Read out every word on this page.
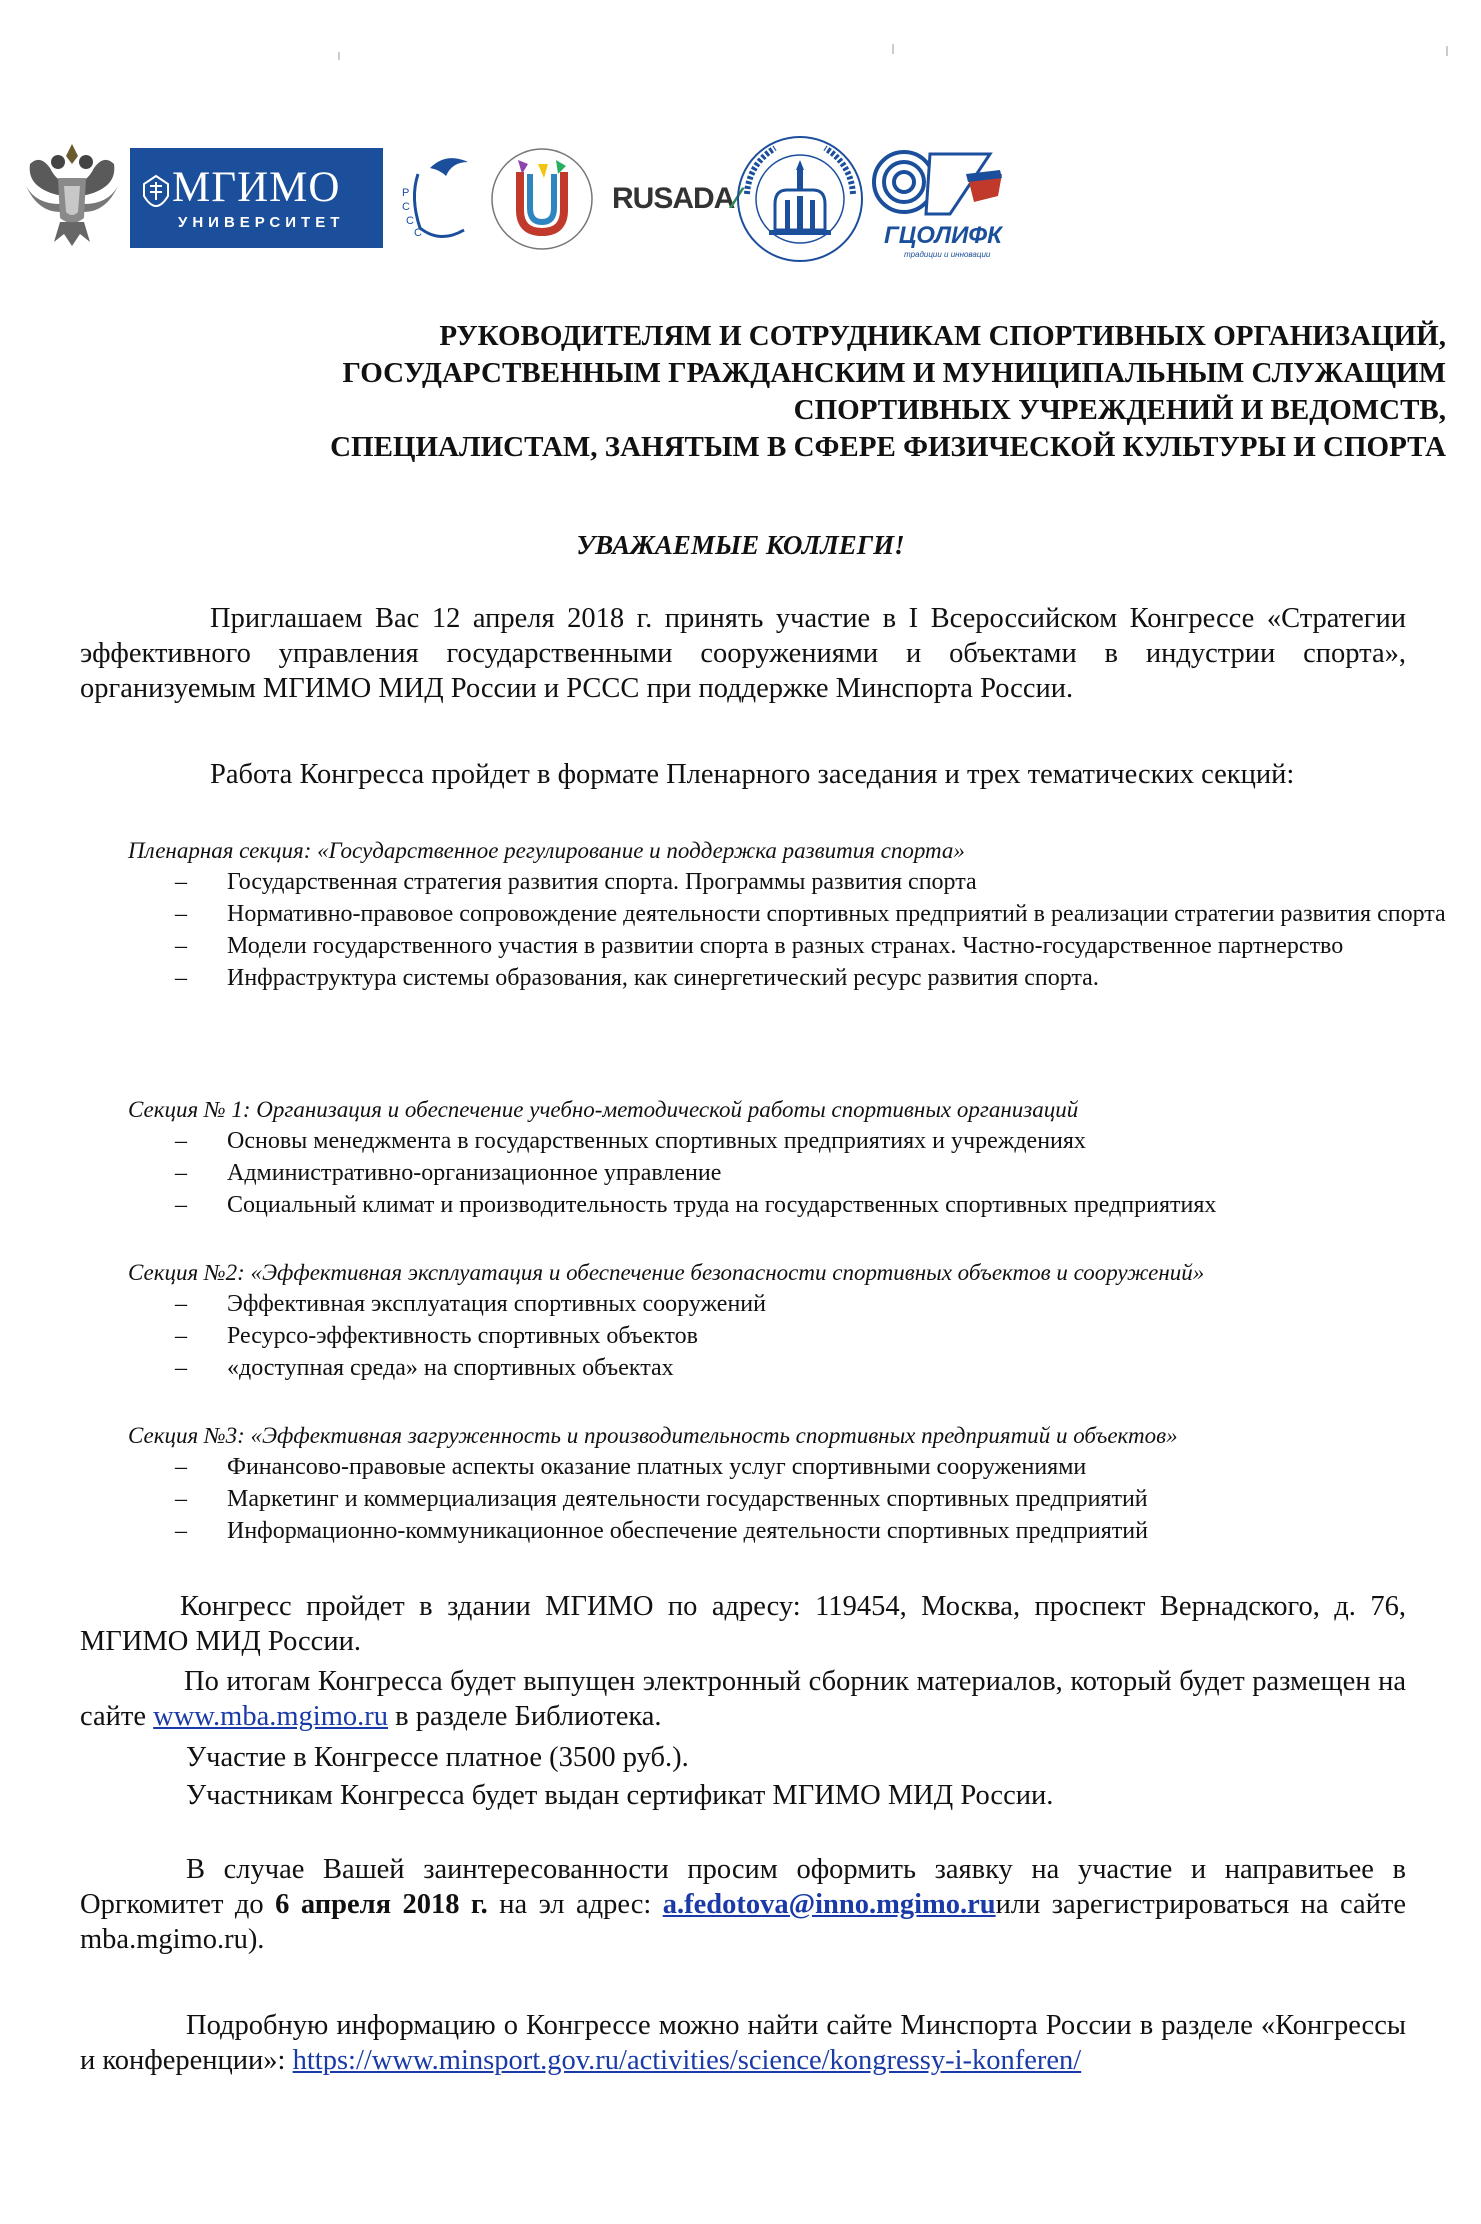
МГИМО
УНИВЕРСИТЕТ
Р
С
С
С
RUSADA⁄
ГЦОЛИФК
традиции и инновации
РУКОВОДИТЕЛЯМ И СОТРУДНИКАМ СПОРТИВНЫХ ОРГАНИЗАЦИЙ,
ГОСУДАРСТВЕННЫМ ГРАЖДАНСКИМ И МУНИЦИПАЛЬНЫМ СЛУЖАЩИМ
СПОРТИВНЫХ УЧРЕЖДЕНИЙ И ВЕДОМСТВ,
СПЕЦИАЛИСТАМ, ЗАНЯТЫМ В СФЕРЕ ФИЗИЧЕСКОЙ КУЛЬТУРЫ И СПОРТА
УВАЖАЕМЫЕ КОЛЛЕГИ!
Приглашаем Вас 12 апреля 2018 г. принять участие в I Всероссийском Конгрессе «Стратегии эффективного управления государственными сооружениями и объектами в индустрии спорта», организуемым МГИМО МИД России и РССС при поддержке Минспорта России.
Работа Конгресса пройдет в формате Пленарного заседания и трех тематических секций:
Пленарная секция: «Государственное регулирование и поддержка развития спорта»
– Государственная стратегия развития спорта. Программы развития спорта
– Нормативно-правовое сопровождение деятельности спортивных предприятий в реализации стратегии развития спорта
– Модели государственного участия в развитии спорта в разных странах. Частно-государственное партнерство
– Инфраструктура системы образования, как синергетический ресурс развития спорта.
Секция № 1: Организация и обеспечение учебно-методической работы спортивных организаций
– Основы менеджмента в государственных спортивных предприятиях и учреждениях
– Административно-организационное управление
– Социальный климат и производительность труда на государственных спортивных предприятиях
Секция №2: «Эффективная эксплуатация и обеспечение безопасности спортивных объектов и сооружений»
– Эффективная эксплуатация спортивных сооружений
– Ресурсо-эффективность спортивных объектов
– «доступная среда» на спортивных объектах
Секция №3: «Эффективная загруженность и производительность спортивных предприятий и объектов»
– Финансово-правовые аспекты оказание платных услуг спортивными сооружениями
– Маркетинг и коммерциализация деятельности государственных спортивных предприятий
– Информационно-коммуникационное обеспечение деятельности спортивных предприятий
Конгресс пройдет в здании МГИМО по адресу: 119454, Москва, проспект Вернадского, д. 76, МГИМО МИД России.
По итогам Конгресса будет выпущен электронный сборник материалов, который будет размещен на сайте www.mba.mgimo.ru в разделе Библиотека.
Участие в Конгрессе платное (3500 руб.).
Участникам Конгресса будет выдан сертификат МГИМО МИД России.
В случае Вашей заинтересованности просим оформить заявку на участие и направитьее в Оргкомитет до 6 апреля 2018 г. на эл адрес: a.fedotova@inno.mgimo.ruили зарегистрироваться на сайте mba.mgimo.ru).
Подробную информацию о Конгрессе можно найти сайте Минспорта России в разделе «Конгрессы и конференции»: https://www.minsport.gov.ru/activities/science/kongressy-i-konferen/
